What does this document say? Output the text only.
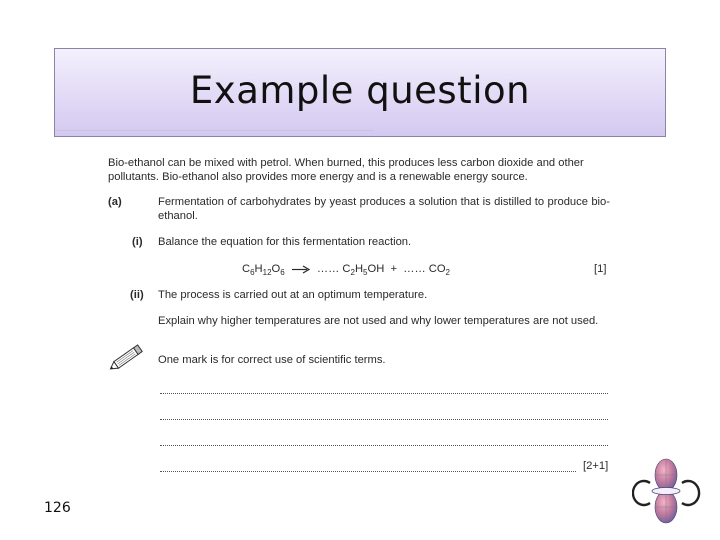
Example question
Bio-ethanol can be mixed with petrol. When burned, this produces less carbon dioxide and other pollutants. Bio-ethanol also provides more energy and is a renewable energy source.
(a)	Fermentation of carbohydrates by yeast produces a solution that is distilled to produce bio-ethanol.
(i) Balance the equation for this fermentation reaction.
$C_6H_{12}O_6$ → …… $C_2H_5OH$ + …… $CO_2$	[1]
(ii) The process is carried out at an optimum temperature.
Explain why higher temperatures are not used and why lower temperatures are not used.
One mark is for correct use of scientific terms.
[2+1]
126
